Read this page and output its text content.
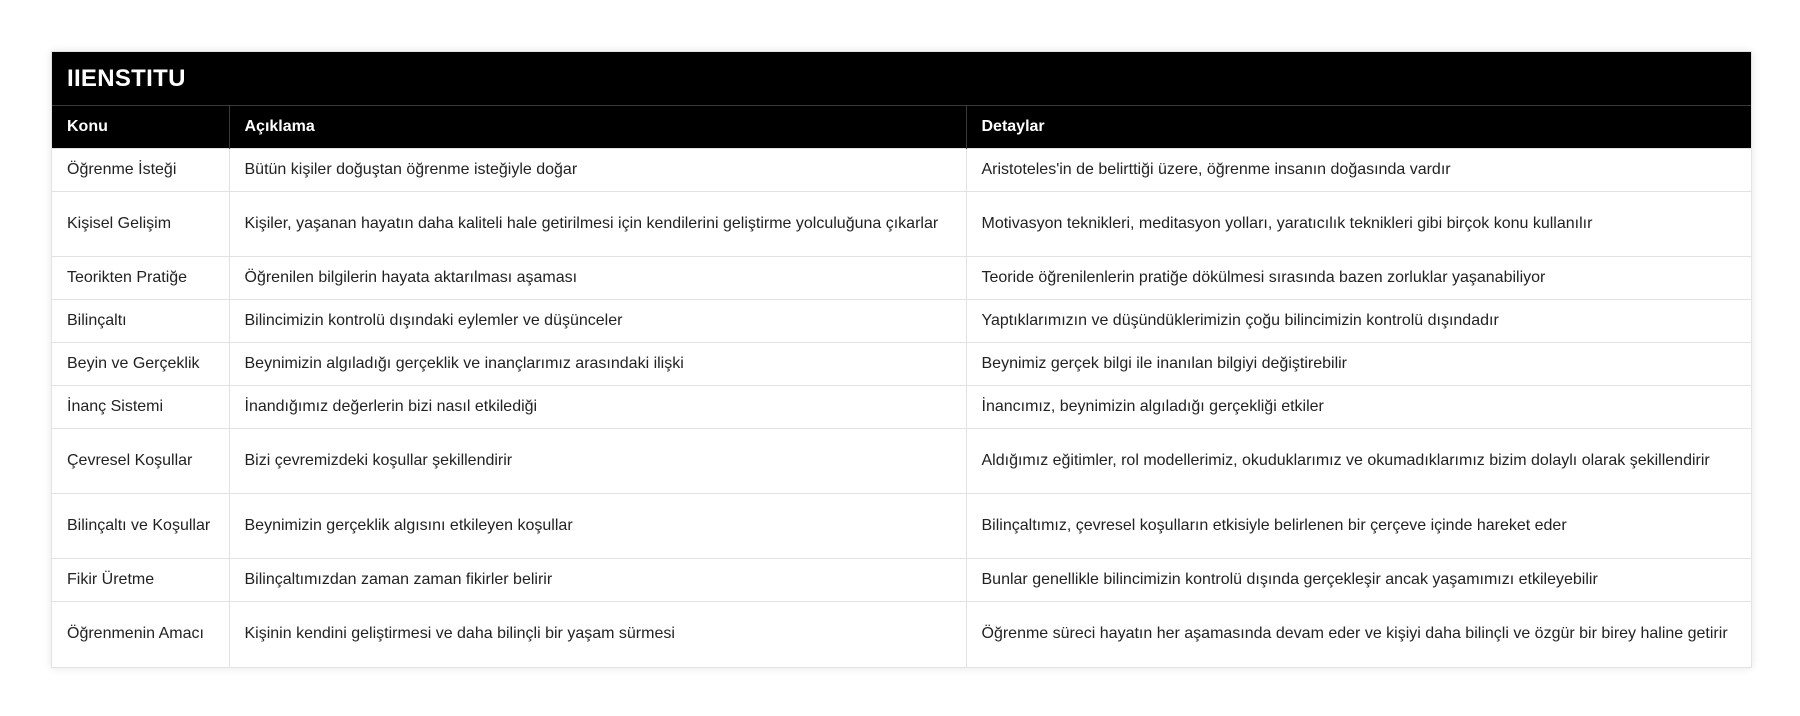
IIENSTITU
Konu	Açıklama	Detaylar
Öğrenme İsteği	Bütün kişiler doğuştan öğrenme isteğiyle doğar	Aristoteles'in de belirttiği üzere, öğrenme insanın doğasında vardır
Kişisel Gelişim	Kişiler, yaşanan hayatın daha kaliteli hale getirilmesi için kendilerini geliştirme yolculuğuna çıkarlar	Motivasyon teknikleri, meditasyon yolları, yaratıcılık teknikleri gibi birçok konu kullanılır
Teorikten Pratiğe	Öğrenilen bilgilerin hayata aktarılması aşaması	Teoride öğrenilenlerin pratiğe dökülmesi sırasında bazen zorluklar yaşanabiliyor
Bilinçaltı	Bilincimizin kontrolü dışındaki eylemler ve düşünceler	Yaptıklarımızın ve düşündüklerimizin çoğu bilincimizin kontrolü dışındadır
Beyin ve Gerçeklik	Beynimizin algıladığı gerçeklik ve inançlarımız arasındaki ilişki	Beynimiz gerçek bilgi ile inanılan bilgiyi değiştirebilir
İnanç Sistemi	İnandığımız değerlerin bizi nasıl etkilediği	İnancımız, beynimizin algıladığı gerçekliği etkiler
Çevresel Koşullar	Bizi çevremizdeki koşullar şekillendirir	Aldığımız eğitimler, rol modellerimiz, okuduklarımız ve okumadıklarımız bizim dolaylı olarak şekillendirir
Bilinçaltı ve Koşullar	Beynimizin gerçeklik algısını etkileyen koşullar	Bilinçaltımız, çevresel koşulların etkisiyle belirlenen bir çerçeve içinde hareket eder
Fikir Üretme	Bilinçaltımızdan zaman zaman fikirler belirir	Bunlar genellikle bilincimizin kontrolü dışında gerçekleşir ancak yaşamımızı etkileyebilir
Öğrenmenin Amacı	Kişinin kendini geliştirmesi ve daha bilinçli bir yaşam sürmesi	Öğrenme süreci hayatın her aşamasında devam eder ve kişiyi daha bilinçli ve özgür bir birey haline getirir
